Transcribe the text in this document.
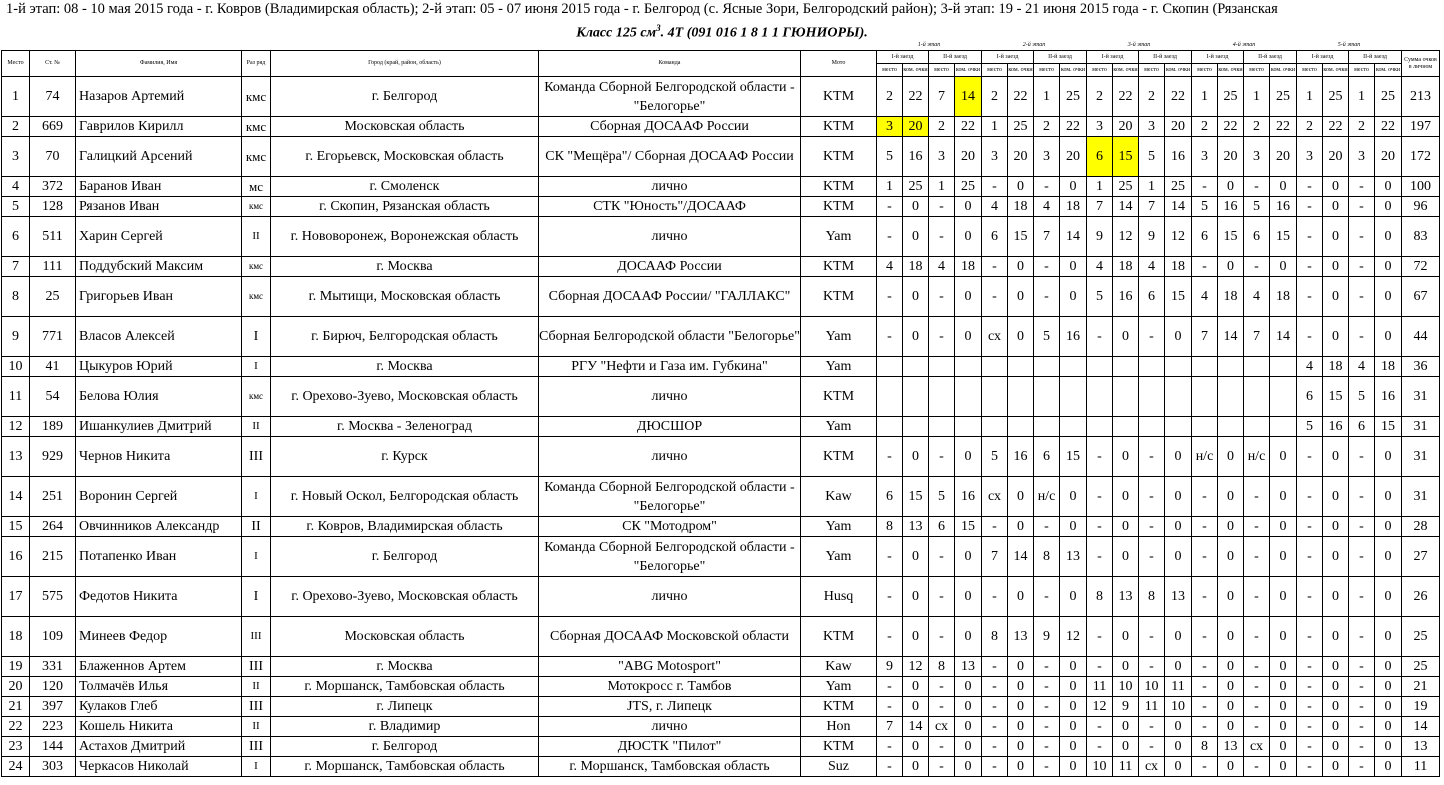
1-й этап: 08 - 10 мая 2015 года - г. Ковров (Владимирская область); 2-й этап: 05 - 07 июня 2015 года - г. Белгород (с. Ясные Зори, Белгородский район); 3-й этап: 19 - 21 июня 2015 года - г. Скопин (Рязанская
Класс 125 $см^3$. 4Т (091 016 1 8 1 1 ГЮНИОРЫ).
							1-й этап				2-й этап				3-й этап				4-й этап				5-й этап				
Место	Ст. №	Фамилия, Имя	Раз ряд	Город (край, район, область)	Команда	Мото	I-й заезд		II-й заезд		I-й заезд		II-й заезд		I-й заезд		II-й заезд		I-й заезд		II-й заезд		I-й заезд		II-й заезд		Сумма очков в личном
							место	ком. очки	место	ком. очки	место	ком. очки	место	ком. очки	место	ком. очки	место	ком. очки	место	ком. очки	место	ком. очки	место	ком. очки	место	ком. очки	
1	74	Назаров Артемий	кмс	г. Белгород	Команда Сборной Белгородской области - "Белогорье"	KTM	2	22	7	14	2	22	1	25	2	22	2	22	1	25	1	25	1	25	1	25	213
2	669	Гаврилов Кирилл	кмс	Московская область	Сборная ДОСААФ России	KTM	3	20	2	22	1	25	2	22	3	20	3	20	2	22	2	22	2	22	2	22	197
3	70	Галицкий Арсений	кмс	г. Егорьевск, Московская область	СК "Мещёра"/ Сборная ДОСААФ России	KTM	5	16	3	20	3	20	3	20	6	15	5	16	3	20	3	20	3	20	3	20	172
4	372	Баранов Иван	мс	г. Смоленск	лично	KTM	1	25	1	25	-	0	-	0	1	25	1	25	-	0	-	0	-	0	-	0	100
5	128	Рязанов Иван	кмс	г. Скопин, Рязанская область	СТК "Юность"/ДОСААФ	KTM	-	0	-	0	4	18	4	18	7	14	7	14	5	16	5	16	-	0	-	0	96
6	511	Харин Сергей	II	г. Нововоронеж, Воронежская область	лично	Yam	-	0	-	0	6	15	7	14	9	12	9	12	6	15	6	15	-	0	-	0	83
7	111	Поддубский Максим	кмс	г. Москва	ДОСААФ России	KTM	4	18	4	18	-	0	-	0	4	18	4	18	-	0	-	0	-	0	-	0	72
8	25	Григорьев Иван	кмс	г. Мытищи, Московская область	Сборная ДОСААФ России/ "ГАЛЛАКС"	KTM	-	0	-	0	-	0	-	0	5	16	6	15	4	18	4	18	-	0	-	0	67
9	771	Власов Алексей	I	г. Бирюч, Белгородская область	Сборная Белгородской области "Белогорье"	Yam	-	0	-	0	сх	0	5	16	-	0	-	0	7	14	7	14	-	0	-	0	44
10	41	Цыкуров Юрий	I	г. Москва	РГУ "Нефти и Газа им. Губкина"	Yam																	4	18	4	18	36
11	54	Белова Юлия	кмс	г. Орехово-Зуево, Московская область	лично	KTM																	6	15	5	16	31
12	189	Ишанкулиев Дмитрий	II	г. Москва - Зеленоград	ДЮСШОР	Yam																	5	16	6	15	31
13	929	Чернов Никита	III	г. Курск	лично	KTM	-	0	-	0	5	16	6	15	-	0	-	0	н/с	0	н/с	0	-	0	-	0	31
14	251	Воронин Сергей	I	г. Новый Оскол, Белгородская область	Команда Сборной Белгородской области - "Белогорье"	Kaw	6	15	5	16	сх	0	н/с	0	-	0	-	0	-	0	-	0	-	0	-	0	31
15	264	Овчинников Александр	II	г. Ковров, Владимирская область	СК "Мотодром"	Yam	8	13	6	15	-	0	-	0	-	0	-	0	-	0	-	0	-	0	-	0	28
16	215	Потапенко Иван	I	г. Белгород	Команда Сборной Белгородской области - "Белогорье"	Yam	-	0	-	0	7	14	8	13	-	0	-	0	-	0	-	0	-	0	-	0	27
17	575	Федотов Никита	I	г. Орехово-Зуево, Московская область	лично	Husq	-	0	-	0	-	0	-	0	8	13	8	13	-	0	-	0	-	0	-	0	26
18	109	Минеев Федор	III	Московская область	Сборная ДОСААФ Московской области	KTM	-	0	-	0	8	13	9	12	-	0	-	0	-	0	-	0	-	0	-	0	25
19	331	Блаженнов Артем	III	г. Москва	"ABG Motosport"	Kaw	9	12	8	13	-	0	-	0	-	0	-	0	-	0	-	0	-	0	-	0	25
20	120	Толмачёв Илья	II	г. Моршанск, Тамбовская область	Мотокросс г. Тамбов	Yam	-	0	-	0	-	0	-	0	11	10	10	11	-	0	-	0	-	0	-	0	21
21	397	Кулаков Глеб	III	г. Липецк	JTS, г. Липецк	KTM	-	0	-	0	-	0	-	0	12	9	11	10	-	0	-	0	-	0	-	0	19
22	223	Кошель Никита	II	г. Владимир	лично	Hon	7	14	сх	0	-	0	-	0	-	0	-	0	-	0	-	0	-	0	-	0	14
23	144	Астахов Дмитрий	III	г. Белгород	ДЮСТК "Пилот"	KTM	-	0	-	0	-	0	-	0	-	0	-	0	8	13	сх	0	-	0	-	0	13
24	303	Черкасов Николай	I	г. Моршанск, Тамбовская область	г. Моршанск, Тамбовская область	Suz	-	0	-	0	-	0	-	0	10	11	сх	0	-	0	-	0	-	0	-	0	11
